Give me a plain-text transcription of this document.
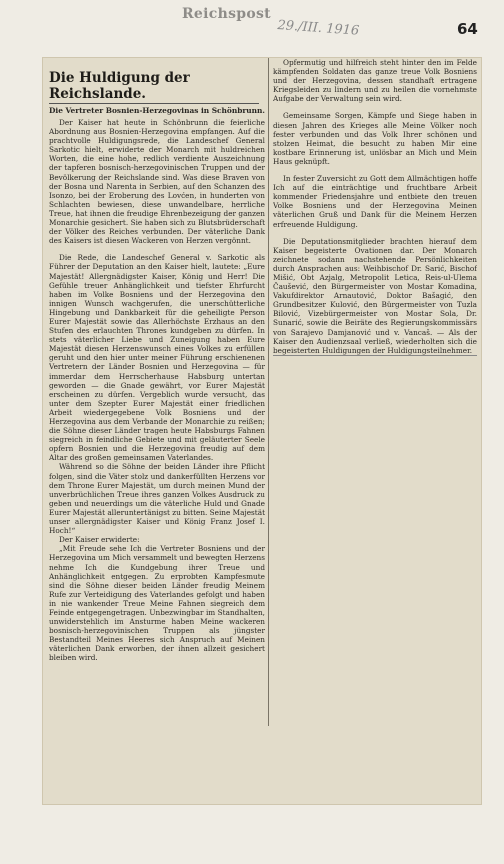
Reichspost
29./III. 1916	64
Die Huldigung der Reichslande.
Die Vertreter Bosnien-Herzegovinas in Schönbrunn.

Der Kaiser hat heute in Schönbrunn die feierliche Abordnung aus Bosnien-Herzegovina empfangen. Auf die prachtvolle Huldigungsrede, die Landeschef General Sarkotic hielt, erwiderte der Monarch mit huldreichen Worten, die eine hohe, redlich verdiente Auszeichnung der tapferen bosnisch-herzegovinischen Truppen und der Bevölkerung der Reichslande sind. Was diese Braven von der Bosna und Narenta in Serbien, auf den Schanzen des Isonzo, bei der Eroberung des Lovćen, in hunderten von Schlachten bewiesen, diese unwandelbare, herrliche Treue, hat ihnen die freudige Ehrenbezeigung der ganzen Monarchie gesichert. Sie haben sich zu Blutsbrüderschaft der Völker des Reiches verbunden. Der väterliche Dank des Kaisers ist diesen Wackeren von Herzen vergönnt.

Die Rede, die Landeschef General v. Sarkotic als Führer der Deputation an den Kaiser hielt, lautete: „Eure Majestät! Allergnädigster Kaiser, König und Herr! Die Gefühle treuer Anhänglichkeit und tiefster Ehrfurcht haben im Volke Bosniens und der Herzegovina den innigen Wunsch wachgerufen, die unerschütterliche Hingebung und Dankbarkeit für die geheiligte Person Eurer Majestät sowie das Allerhöchste Erzhaus an den Stufen des erlauchten Thrones kundgeben zu dürfen. In stets väterlicher Liebe und Zuneigung haben Eure Majestät diesen Herzenswunsch eines Volkes zu erfüllen geruht und den hier unter meiner Führung erschienenen Vertretern der Länder Bosnien und Herzegovina — für immerdar dem Herrscherhause Habsburg untertan geworden — die Gnade gewährt, vor Eurer Majestät erscheinen zu dürfen. Vergeblich wurde versucht, das unter dem Szepter Eurer Majestät einer friedlichen Arbeit wiedergegebene Volk Bosniens und der Herzegovina aus dem Verbande der Monarchie zu reißen; die Söhne dieser Länder tragen heute Habsburgs Fahnen siegreich in feindliche Gebiete und mit geläuterter Seele opfern Bosnien und die Herzegovina freudig auf dem Altar des großen gemeinsamen Vaterlandes.

Während so die Söhne der beiden Länder ihre Pflicht folgen, sind die Väter stolz und dankerfüllten Herzens vor dem Throne Eurer Majestät, um durch meinen Mund der unverbrüchlichen Treue ihres ganzen Volkes Ausdruck zu geben und neuerdings um die väterliche Huld und Gnade Eurer Majestät alleruntertänigst zu bitten. Seine Majestät unser allergnädigster Kaiser und König Franz Josef I. Hoch!“

Der Kaiser erwiderte:

„Mit Freude sehe Ich die Vertreter Bosniens und der Herzegovina um Mich versammelt und bewegten Herzens nehme Ich die Kundgebung ihrer Treue und Anhänglichkeit entgegen. Zu erprobten Kampfesmute sind die Söhne dieser beiden Länder freudig Meinem Rufe zur Verteidigung des Vaterlandes gefolgt und haben in nie wankender Treue Meine Fahnen siegreich dem Feinde entgegengetragen. Unbezwingbar im Standhalten, unwiderstehlich im Ansturme haben Meine wackeren bosnisch-herzegovinischen Truppen als jüngster Bestandteil Meines Heeres sich Anspruch auf Meinen väterlichen Dank erworben, der ihnen allzeit gesichert bleiben wird.

Opfermutig und hilfreich steht hinter den im Felde kämpfenden Soldaten das ganze treue Volk Bosniens und der Herzegovina, dessen standhaft ertragene Kriegsleiden zu lindern und zu heilen die vornehmste Aufgabe der Verwaltung sein wird.

Gemeinsame Sorgen, Kämpfe und Siege haben in diesen Jahren des Krieges alle Meine Völker noch fester verbunden und das Volk Ihrer schönen und stolzen Heimat, die besucht zu haben Mir eine kostbare Erinnerung ist, unlösbar an Mich und Mein Haus geknüpft.

In fester Zuversicht zu Gott dem Allmächtigen hoffe Ich auf die einträchtige und fruchtbare Arbeit kommender Friedensjahre und entbiete den treuen Volke Bosniens und der Herzegovina Meinen väterlichen Gruß und Dank für die Meinem Herzen erfreuende Huldigung.

Die Deputationsmitglieder brachten hierauf dem Kaiser begeisterte Ovationen dar. Der Monarch zeichnete sodann nachstehende Persönlichkeiten durch Ansprachen aus: Weihbischof Dr. Sarić, Bischof Mišić, Obt Azjalg, Metropolit Letica, Reis-ul-Ulema Čaušević, den Bürgermeister von Mostar Komadina, Vakufdirektor Arnautović, Doktor Bašagić, den Grundbesitzer Kulović, den Bürgermeister von Tuzla Bilović, Vizebürgermeister von Mostar Sola, Dr. Sunarić, sowie die Beiräte des Regierungskommissärs von Sarajevo Damjanović und v. Vancaš. — Als der Kaiser den Audienzsaal verließ, wiederholten sich die begeisterten Huldigungen der Huldigungsteilnehmer.
